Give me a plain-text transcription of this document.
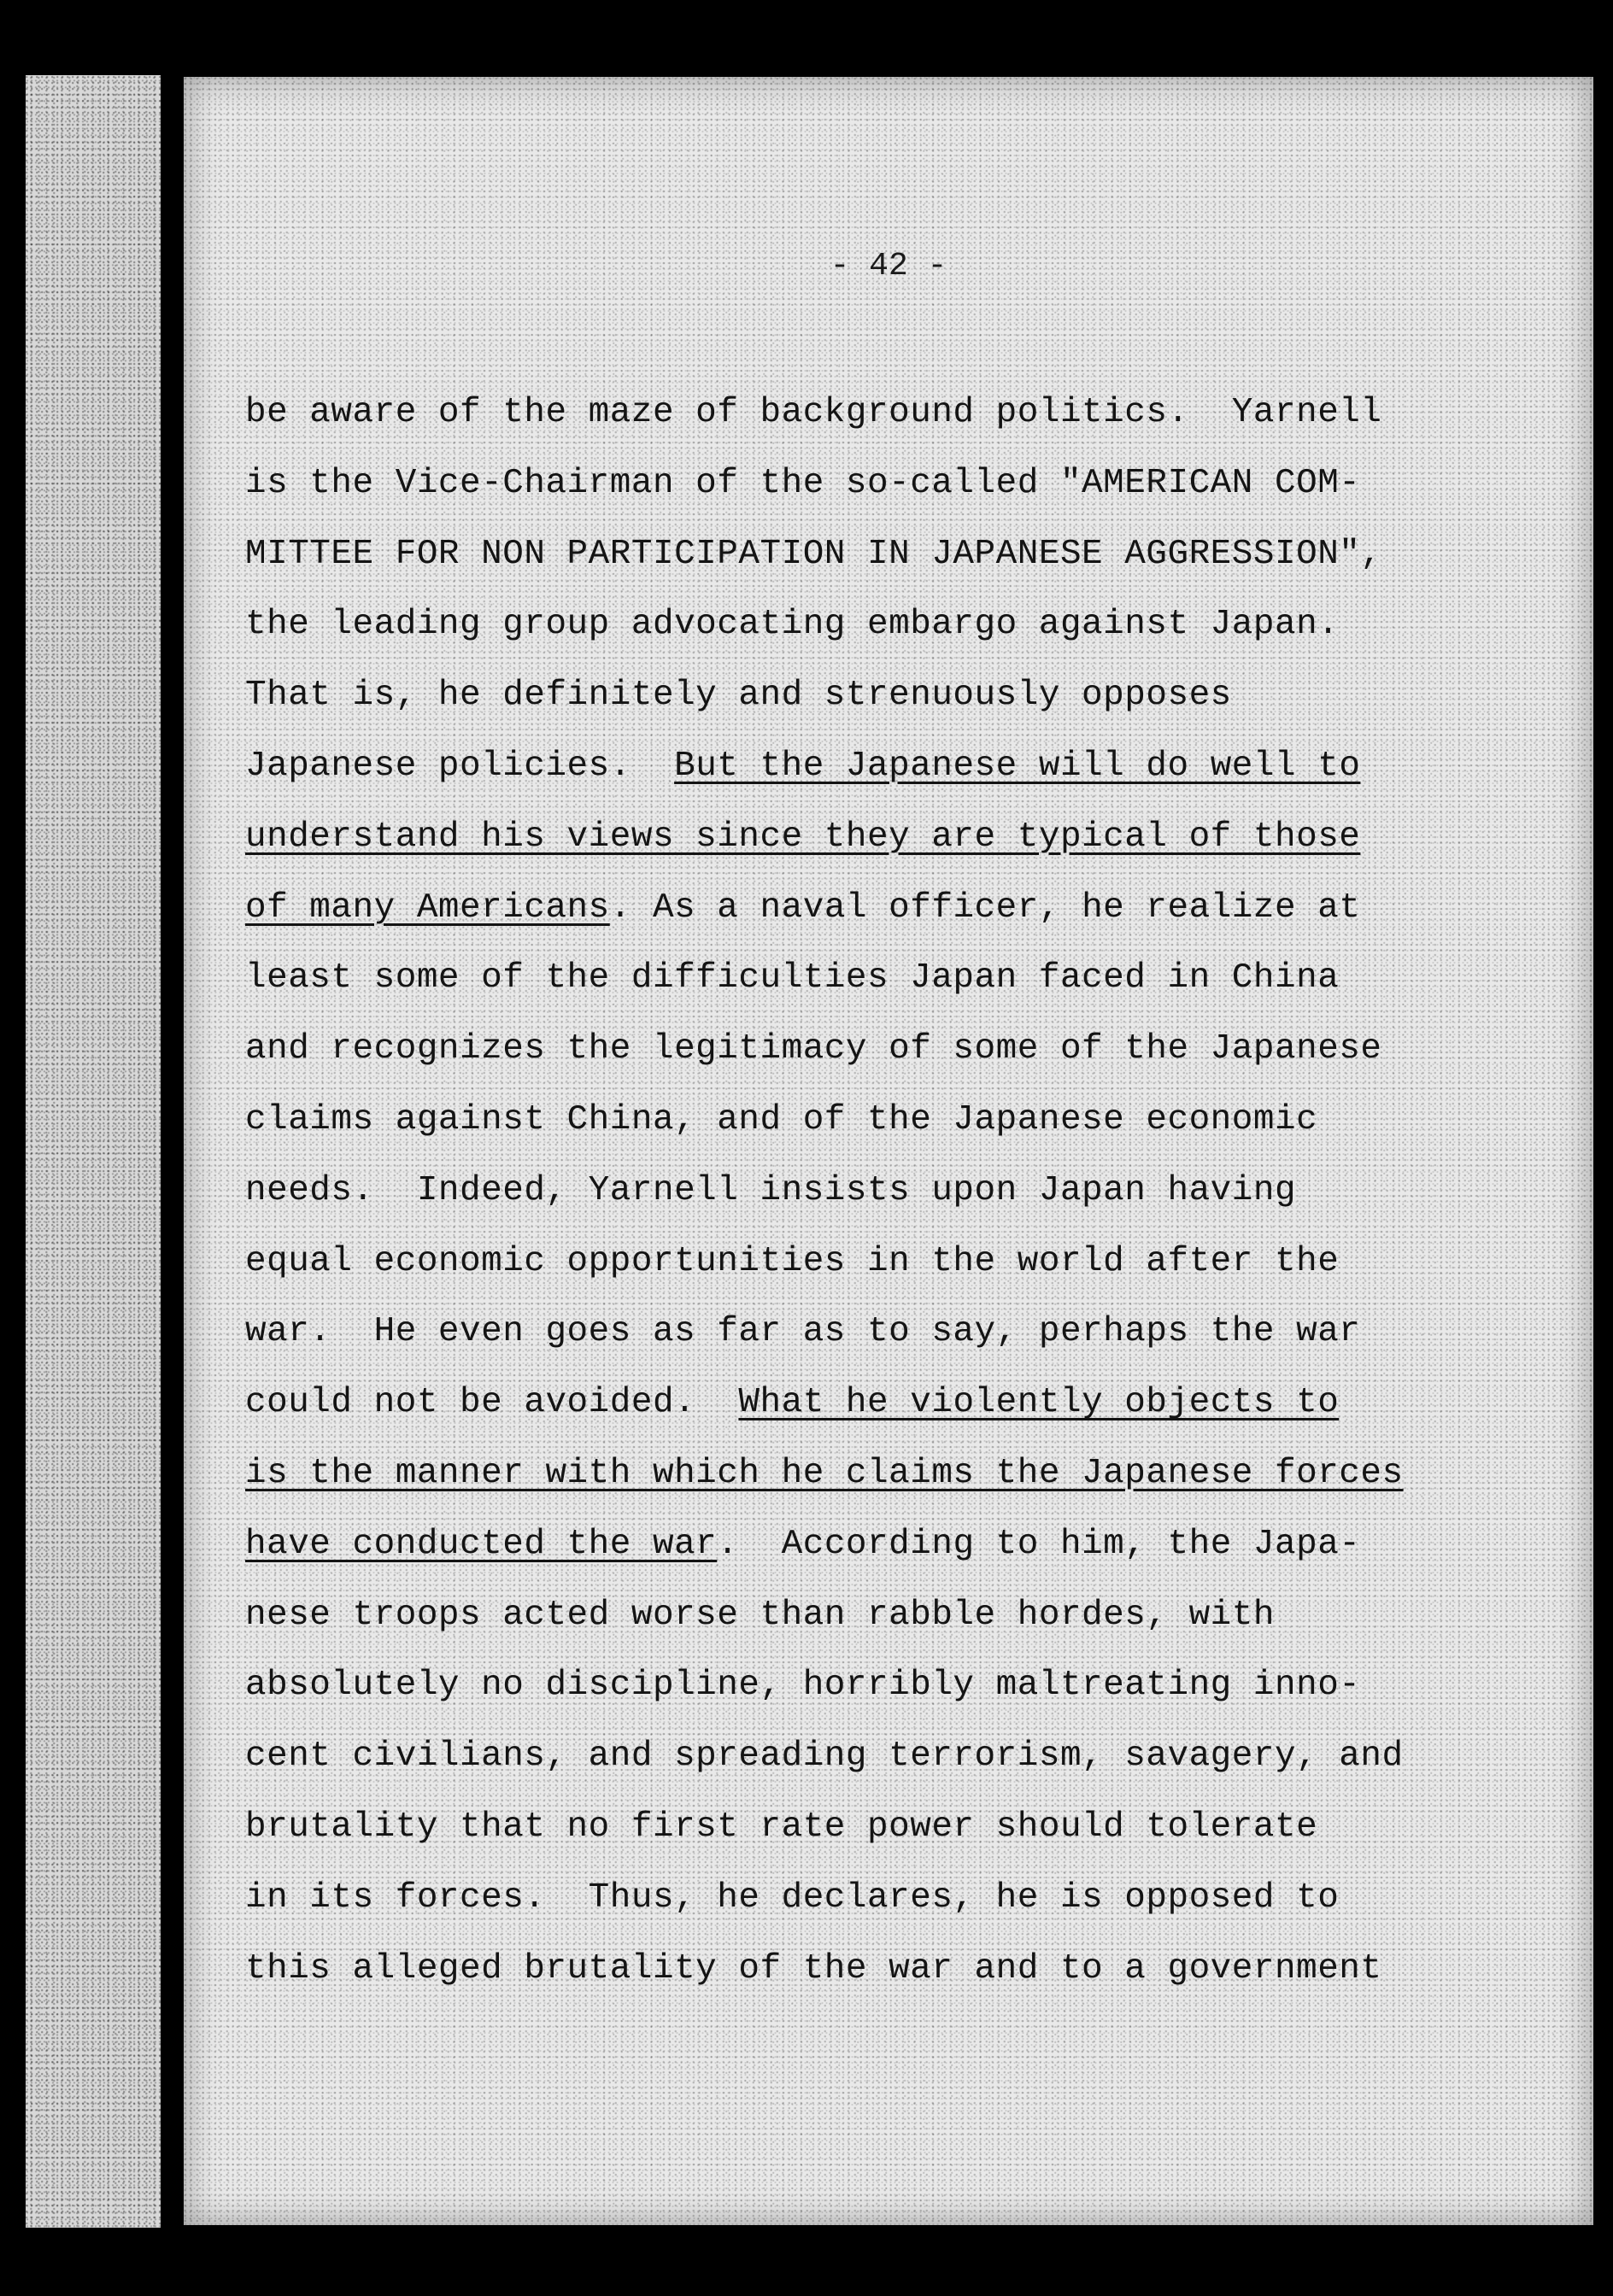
- 42 -
be aware of the maze of background politics.  Yarnell
is the Vice-Chairman of the so-called "AMERICAN COM-
MITTEE FOR NON PARTICIPATION IN JAPANESE AGGRESSION",
the leading group advocating embargo against Japan.
That is, he definitely and strenuously opposes
Japanese policies.  But the Japanese will do well to
understand his views since they are typical of those
of many Americans. As a naval officer, he realize at
least some of the difficulties Japan faced in China
and recognizes the legitimacy of some of the Japanese
claims against China, and of the Japanese economic
needs.  Indeed, Yarnell insists upon Japan having
equal economic opportunities in the world after the
war.  He even goes as far as to say, perhaps the war
could not be avoided.  What he violently objects to
is the manner with which he claims the Japanese forces
have conducted the war.  According to him, the Japa-
nese troops acted worse than rabble hordes, with
absolutely no discipline, horribly maltreating inno-
cent civilians, and spreading terrorism, savagery, and
brutality that no first rate power should tolerate
in its forces.  Thus, he declares, he is opposed to
this alleged brutality of the war and to a government
